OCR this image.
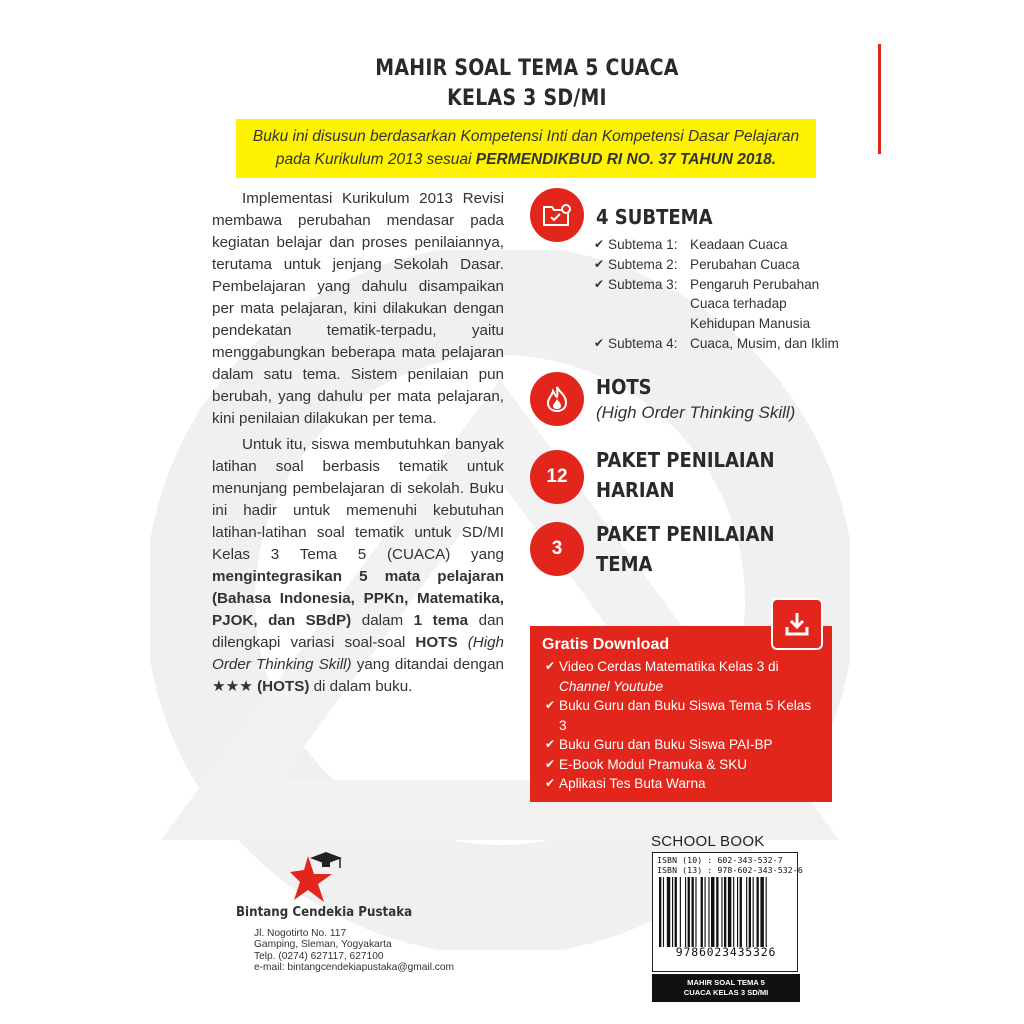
MAHIR SOAL TEMA 5 CUACA
KELAS 3 SD/MI
Buku ini disusun berdasarkan Kompetensi Inti dan Kompetensi Dasar Pelajaran pada Kurikulum 2013 sesuai PERMENDIKBUD RI NO. 37 TAHUN 2018.

Implementasi Kurikulum 2013 Revisi membawa perubahan mendasar pada kegiatan belajar dan proses penilaiannya, terutama untuk jenjang Sekolah Dasar. Pembelajaran yang dahulu disampaikan per mata pelajaran, kini dilakukan dengan pendekatan tematik-terpadu, yaitu menggabungkan beberapa mata pelajaran dalam satu tema. Sistem penilaian pun berubah, yang dahulu per mata pelajaran, kini penilaian dilakukan per tema.

Untuk itu, siswa membutuhkan banyak latihan soal berbasis tematik untuk menunjang pembelajaran di sekolah. Buku ini hadir untuk memenuhi kebutuhan latihan-latihan soal tematik untuk SD/MI Kelas 3 Tema 5 (CUACA) yang mengintegrasikan 5 mata pelajaran (Bahasa Indonesia, PPKn, Matematika, PJOK, dan SBdP) dalam 1 tema dan dilengkapi variasi soal-soal HOTS (High Order Thinking Skill) yang ditandai dengan ★★★ (HOTS) di dalam buku.

4 SUBTEMA
✔ Subtema 1: Keadaan Cuaca
✔ Subtema 2: Perubahan Cuaca
✔ Subtema 3: Pengaruh Perubahan Cuaca terhadap Kehidupan Manusia
✔ Subtema 4: Cuaca, Musim, dan Iklim
HOTS
(High Order Thinking Skill)
12
PAKET PENILAIAN
HARIAN
3
PAKET PENILAIAN
TEMA
Gratis Download
✔ Video Cerdas Matematika Kelas 3 di Channel Youtube
✔ Buku Guru dan Buku Siswa Tema 5 Kelas 3
✔ Buku Guru dan Buku Siswa PAI-BP
✔ E-Book Modul Pramuka & SKU
✔ Aplikasi Tes Buta Warna
Bintang Cendekia Pustaka
Jl. Nogotirto No. 117
Gamping, Sleman, Yogyakarta
Telp. (0274) 627117, 627100
e-mail: bintangcendekiapustaka@gmail.com
SCHOOL BOOK
ISBN (10) : 602-343-532-7
ISBN (13) : 978-602-343-532-6
9786023435326
MAHIR SOAL TEMA 5
CUACA KELAS 3 SD/MI
